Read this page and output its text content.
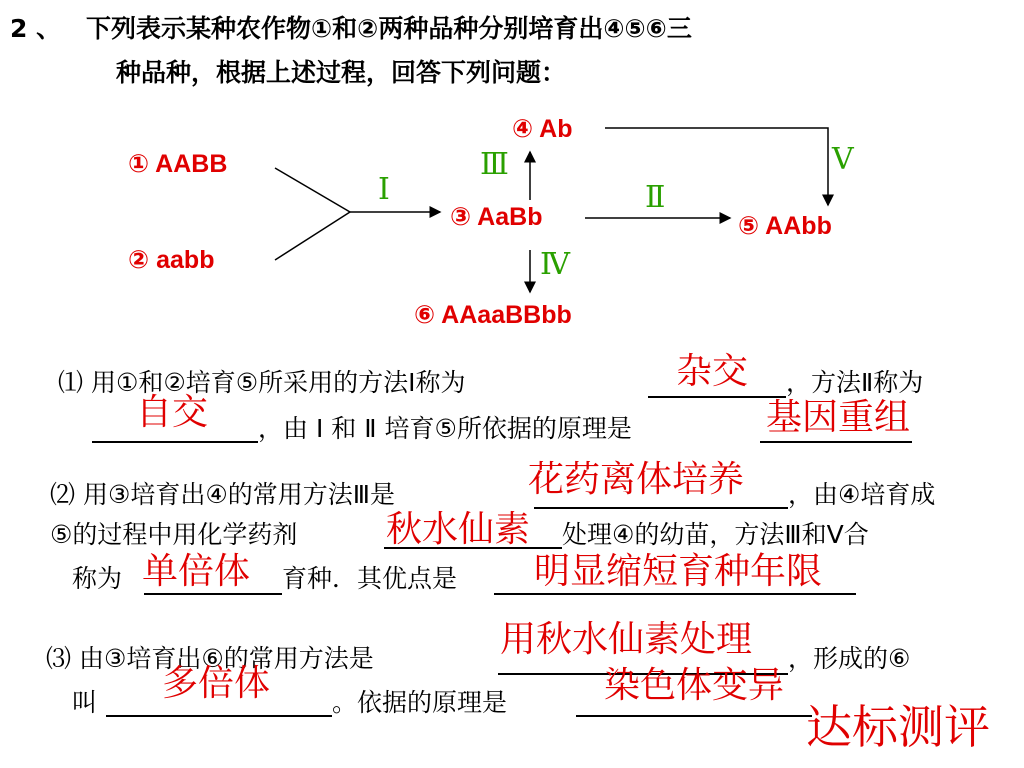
2 、 下列表示某种农作物①和②两种品种分别培育出④⑤⑥三
种品种，根据上述过程，回答下列问题：
① AABB
② aabb
③ AaBb
④ Ab
⑤ AAbb
⑥ AAaaBBbb
Ⅰ	Ⅱ
Ⅲ
Ⅳ
Ⅴ
⑴ 用①和②培育⑤所采用的方法Ⅰ称为	，方法Ⅱ称为
，由 Ⅰ 和 Ⅱ 培育⑤所依据的原理是
杂交
自交	基因重组
⑵ 用③培育出④的常用方法Ⅲ是	，由④培育成
⑤的过程中用化学药剂	处理④的幼苗，方法Ⅲ和Ⅴ合
称为	育种．其优点是
花药离体培养
秋水仙素
单倍体	明显缩短育种年限
⑶ 由③培育出⑥的常用方法是	，形成的⑥
叫	。依据的原理是
用秋水仙素处理
多倍体	染色体变异
达标测评
